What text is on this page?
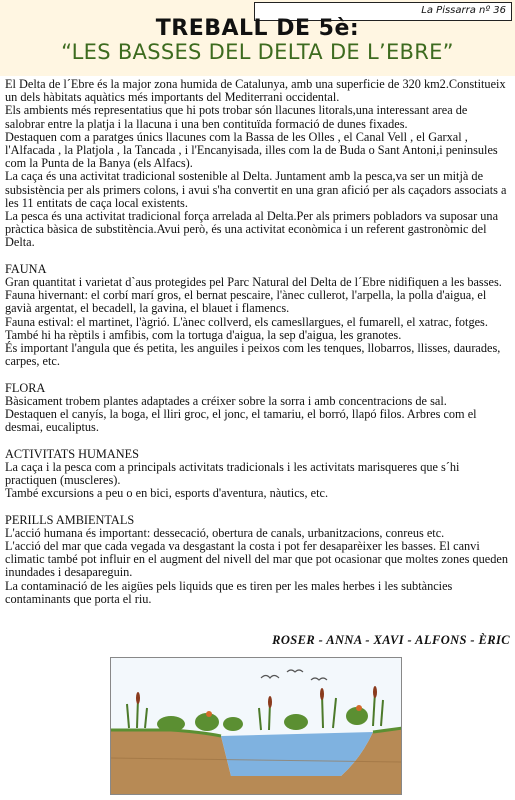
La Pissarra nº 36
TREBALL DE 5è:
“LES BASSES DEL DELTA DE L’EBRE”

El Delta de l´Ebre és la major zona humida de Catalunya, amb una superficie de 320 km2.Constitueix un dels hàbitats aquàtics més importants del Mediterrani occidental.

Els ambients més representatius que hi pots trobar són llacunes litorals,una interessant area de salobrar entre la platja i la llacuna i una ben contituïda formació de dunes fixades.

Destaquen com a paratges únics llacunes com la Bassa de les Olles , el Canal Vell , el Garxal , l'Alfacada , la Platjola , la Tancada , i l'Encanyisada, illes com la de Buda o Sant Antoni,i peninsules com la Punta de la Banya (els Alfacs).

La caça és una activitat tradicional sostenible al Delta. Juntament amb la pesca,va ser un mitjà de subsistència per als primers colons, i avui s'ha convertit en una gran afició per als caçadors associats a les 11 entitats de caça local existents.

La pesca és una activitat tradicional força arrelada al Delta.Per als primers pobladors va suposar una pràctica bàsica de substitència.Avui però, és una activitat econòmica i un referent gastronòmic del Delta.

FAUNA

Gran quantitat i varietat d`aus protegides pel Parc Natural del Delta de l´Ebre nidifiquen a les basses.

Fauna hivernant: el corbí marí gros, el bernat pescaire, l'ànec cullerot, l'arpella, la polla d'aigua, el gavià argentat, el becadell, la gavina, el blauet i flamencs.

Fauna estival: el martinet, l'àgrió. L'ànec collverd, els camesllargues, el fumarell, el xatrac, fotges.

També hi ha rèptils i amfibis, com la tortuga d'aigua, la sep d'aigua, les granotes.

És important l'angula que és petita, les anguiles i peixos com les tenques, llobarros, llisses, daurades, carpes, etc.

FLORA

Bàsicament trobem plantes adaptades a créixer sobre la sorra i amb concentracions de sal.

Destaquen el canyís, la boga, el lliri groc, el jonc, el tamariu, el borró, llapó filos. Arbres com el desmai, eucaliptus.

ACTIVITATS HUMANES

La caça i la pesca com a principals activitats tradicionals i les activitats marisqueres que s´hi practiquen (muscleres).

També excursions a peu o en bici, esports d'aventura, nàutics, etc.

PERILLS AMBIENTALS

L'acció humana és important: dessecació, obertura de canals, urbanitzacions, conreus etc.

L'acció del mar que cada vegada va desgastant la costa i pot fer desaparèixer les basses. El canvi climatic també pot influir en el augment del nivell del mar que pot ocasionar que moltes zones queden inundades i desapareguin.

La contaminació de les aigües pels liquids que es tiren per les males herbes i les subtàncies contaminants que porta el riu.

ROSER - ANNA - XAVI - ALFONS - ÈRIC
